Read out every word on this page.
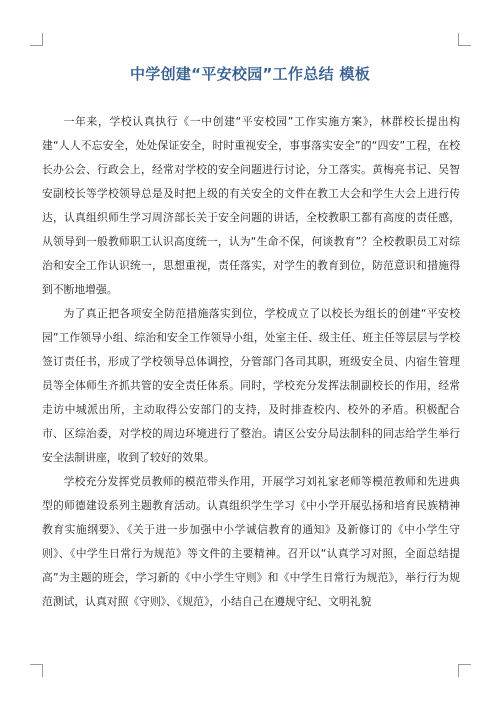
中学创建“平安校园”工作总结 模板

一年来，学校认真执行《一中创建“平安校园”工作实施方案》，林群校长提出构建“人人不忘安全，处处保证安全，时时重视安全，事事落实安全”的“四安”工程，在校长办公会、行政会上，经常对学校的安全问题进行讨论，分工落实。黄梅亮书记、吴智安副校长等学校领导总是及时把上级的有关安全的文件在教工大会和学生大会上进行传达，认真组织师生学习周济部长关于安全问题的讲话，全校教职工都有高度的责任感，从领导到一般教师职工认识高度统一，认为“生命不保，何谈教育”？全校教职员工对综治和安全工作认识统一，思想重视，责任落实，对学生的教育到位，防范意识和措施得到不断地增强。

为了真正把各项安全防范措施落实到位，学校成立了以校长为组长的创建“平安校园”工作领导小组、综治和安全工作领导小组，处室主任、级主任、班主任等层层与学校签订责任书，形成了学校领导总体调控，分管部门各司其职，班级安全员、内宿生管理员等全体师生齐抓共管的安全责任体系。同时，学校充分发挥法制副校长的作用，经常走访中城派出所，主动取得公安部门的支持，及时排查校内、校外的矛盾。积极配合市、区综治委，对学校的周边环境进行了整治。请区公安分局法制科的同志给学生举行安全法制讲座，收到了较好的效果。

学校充分发挥党员教师的模范带头作用，开展学习刘礼家老师等模范教师和先进典型的师德建设系列主题教育活动。认真组织学生学习《中小学开展弘扬和培育民族精神教育实施纲要》、《关于进一步加强中小学诚信教育的通知》及新修订的《中小学生守则》、《中学生日常行为规范》等文件的主要精神。召开以“认真学习对照，全面总结提高”为主题的班会，学习新的《中小学生守则》和《中学生日常行为规范》，举行行为规范测试，认真对照《守则》、《规范》，小结自己在遵规守纪、文明礼貌
